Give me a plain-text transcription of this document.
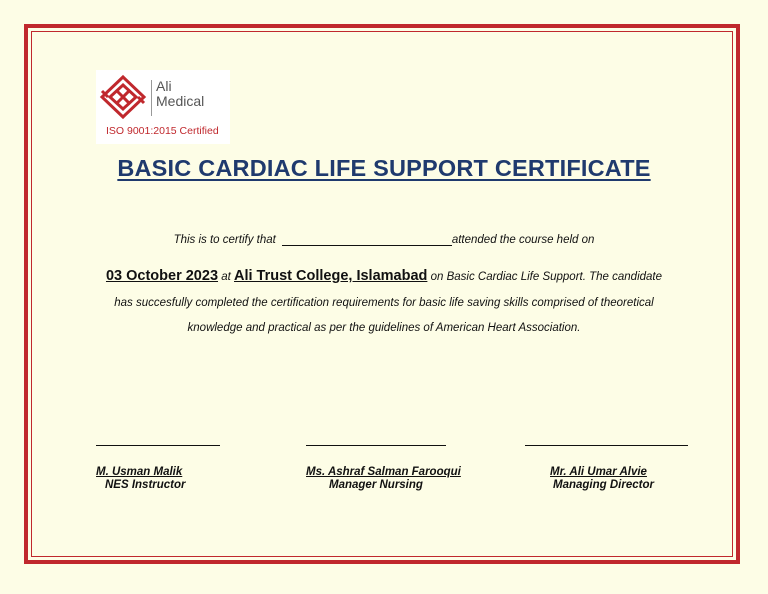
Ali
Medical
ISO 9001:2015 Certified
BASIC CARDIAC LIFE SUPPORT CERTIFICATE
This is to certify that	attended the course held on
03 October 2023 at Ali Trust College, Islamabad on Basic Cardiac Life Support. The candidate
has succesfully completed the certification requirements for basic life saving skills comprised of theoretical
knowledge and practical as per the guidelines of American Heart Association.
M. Usman Malik
NES Instructor
Ms. Ashraf Salman Farooqui
Manager Nursing
Mr. Ali Umar Alvie
Managing Director
